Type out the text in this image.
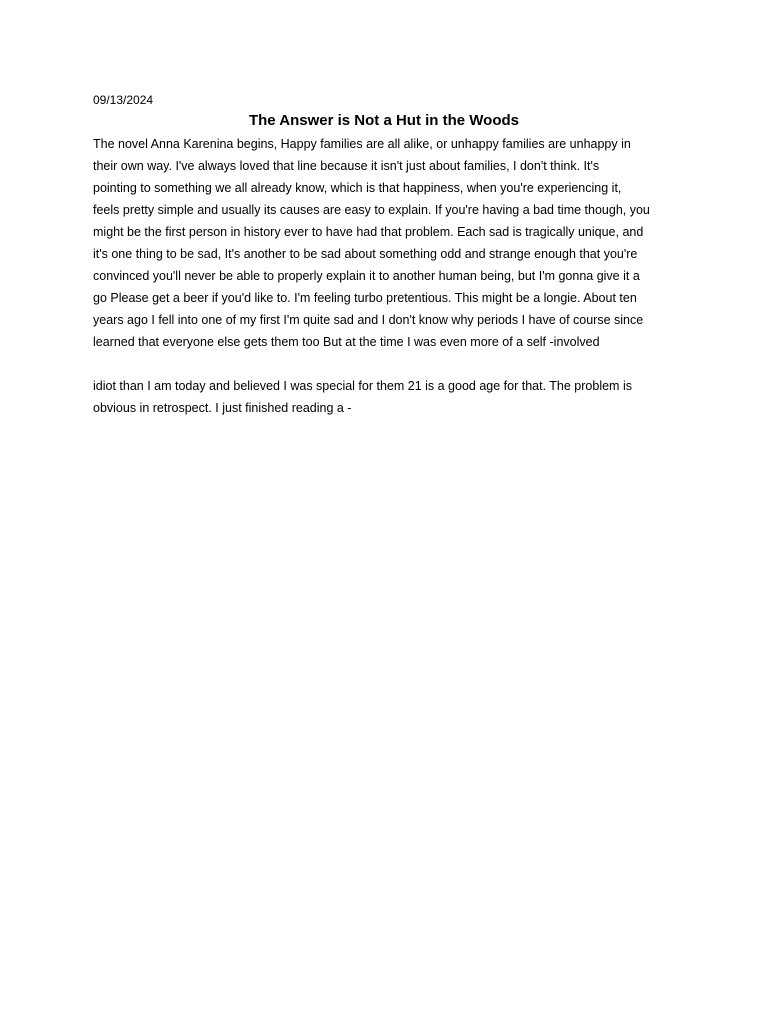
09/13/2024
The Answer is Not a Hut in the Woods
The novel Anna Karenina begins, Happy families are all alike, or unhappy families are unhappy in
their own way. I've always loved that line because it isn't just about families, I don't think. It's
pointing to something we all already know, which is that happiness, when you're experiencing it,
feels pretty simple and usually its causes are easy to explain. If you're having a bad time though, you
might be the first person in history ever to have had that problem. Each sad is tragically unique, and
it's one thing to be sad, It's another to be sad about something odd and strange enough that you're
convinced you'll never be able to properly explain it to another human being, but I'm gonna give it a
go Please get a beer if you'd like to. I'm feeling turbo pretentious. This might be a longie. About ten
years ago I fell into one of my first I'm quite sad and I don't know why periods I have of course since
learned that everyone else gets them too But at the time I was even more of a self -involved
idiot than I am today and believed I was special for them 21 is a good age for that. The problem is
obvious in retrospect. I just finished reading a -
